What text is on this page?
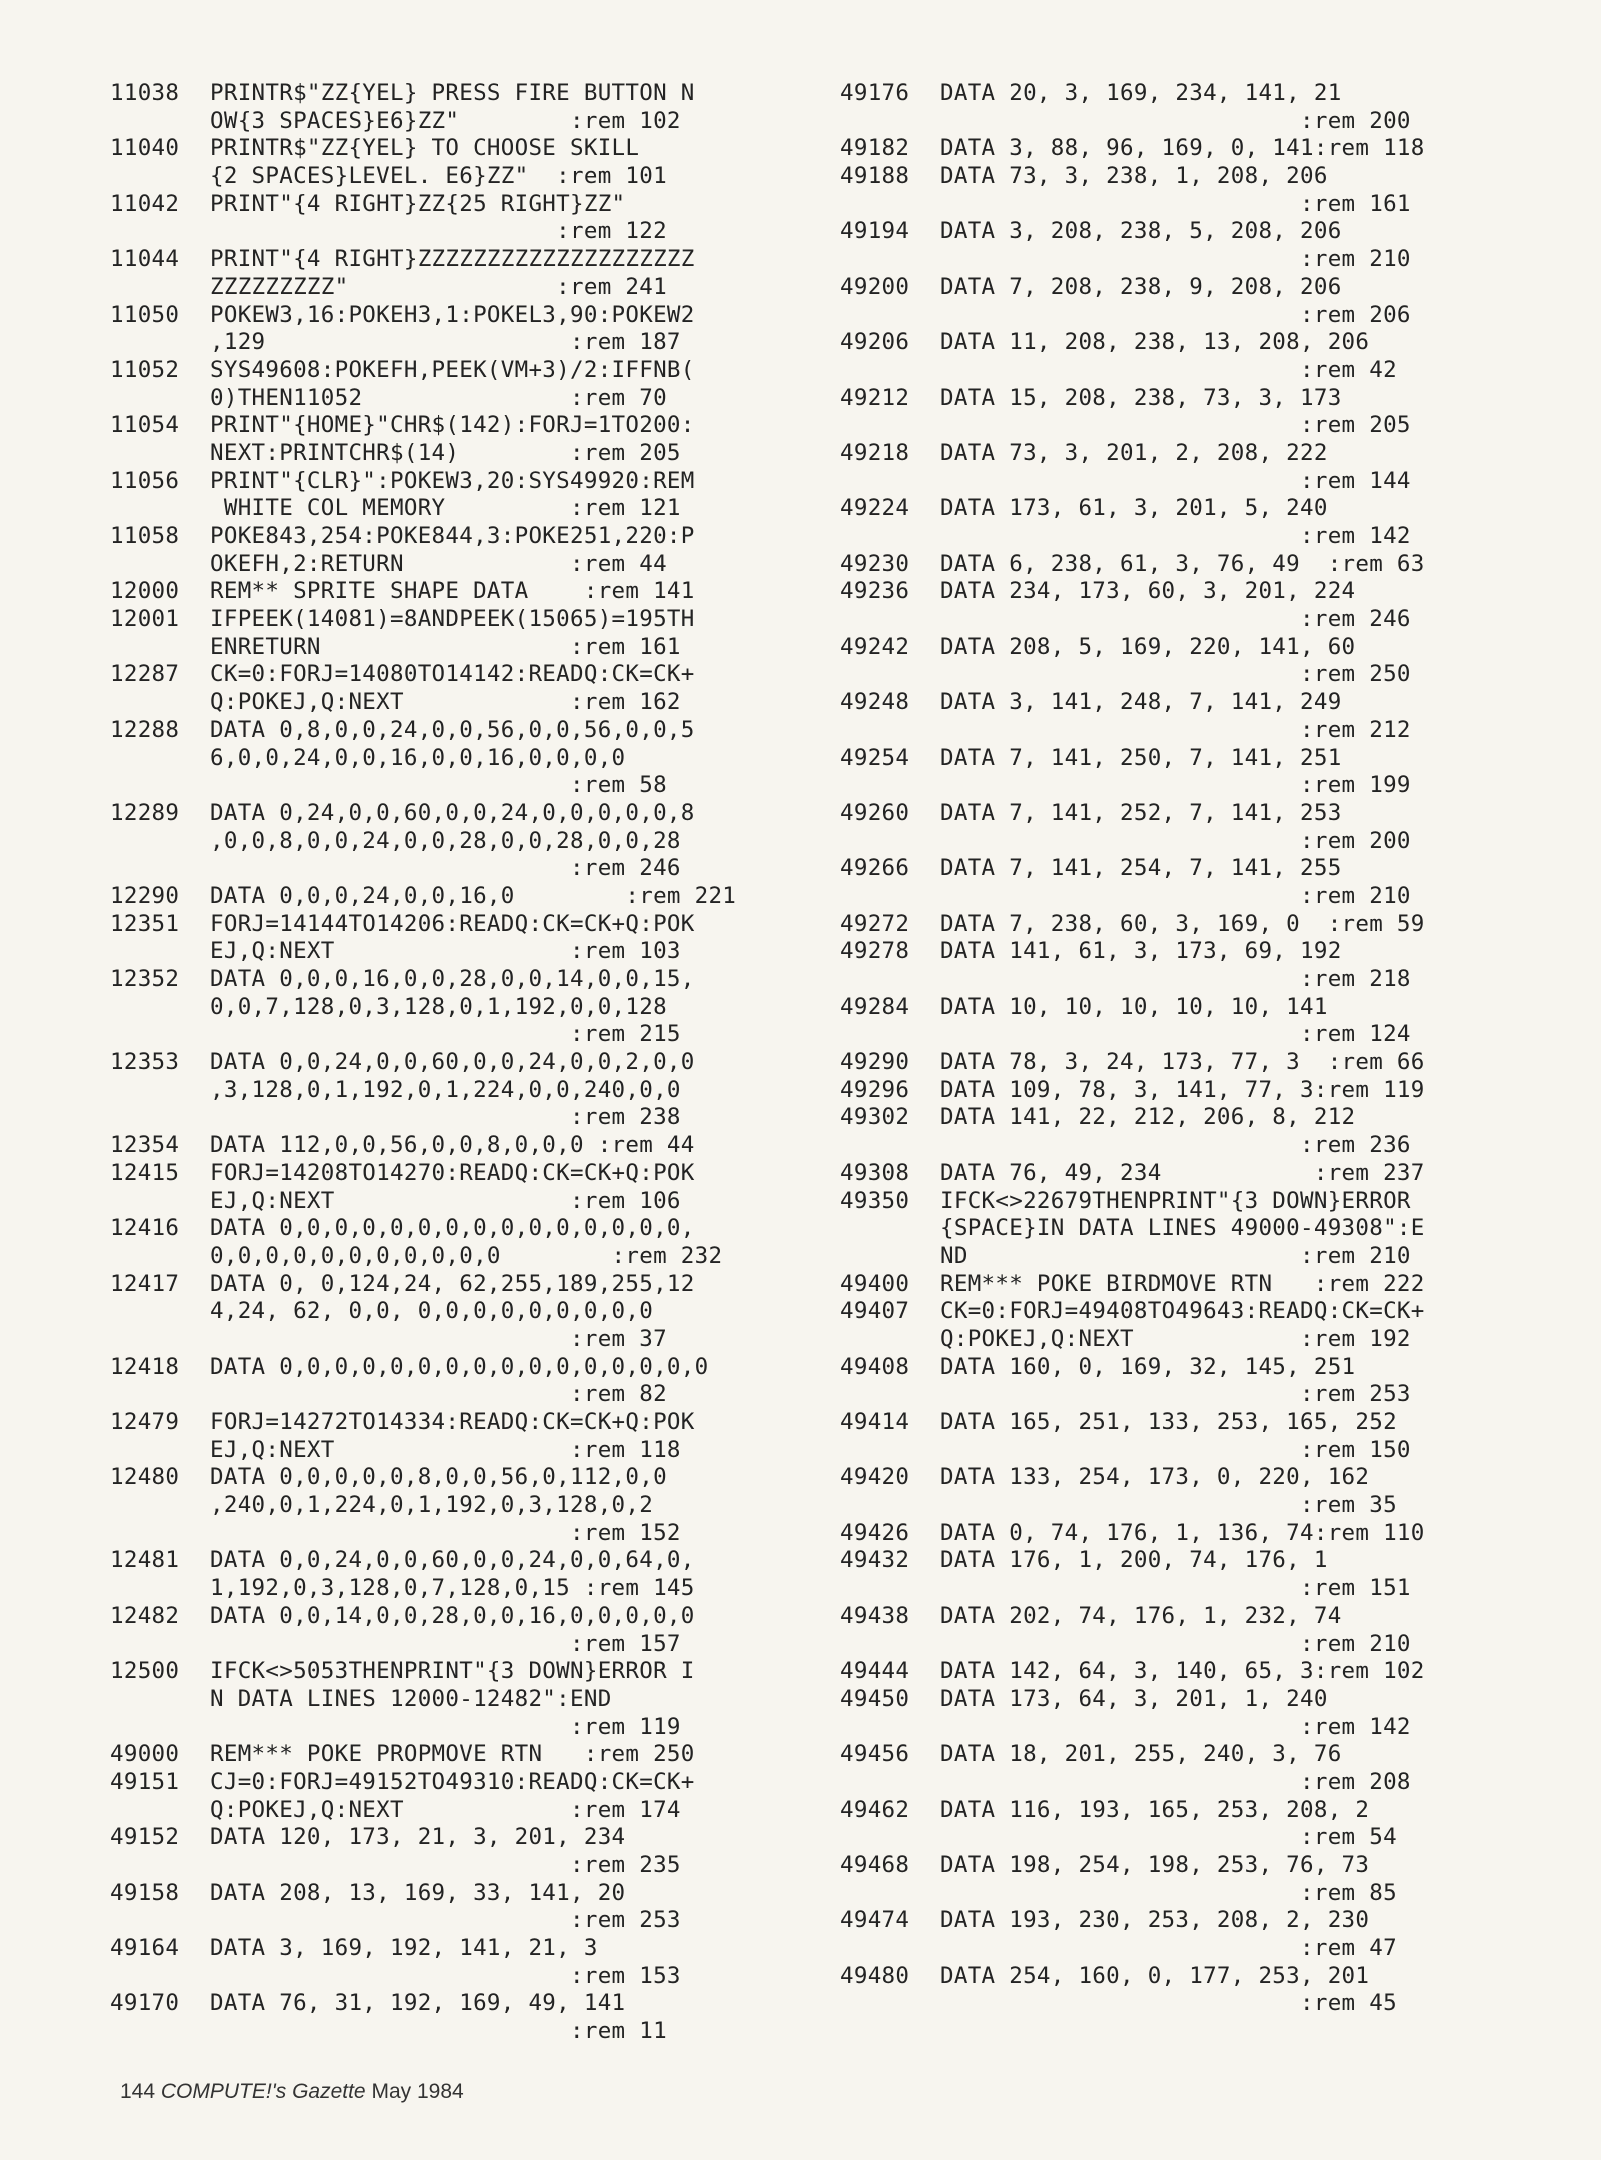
11038	PRINTR$"ZZ{YEL} PRESS FIRE BUTTON N
OW{3 SPACES}E6}ZZ"        :rem 102
11040	PRINTR$"ZZ{YEL} TO CHOOSE SKILL
{2 SPACES}LEVEL. E6}ZZ"  :rem 101
11042	PRINT"{4 RIGHT}ZZ{25 RIGHT}ZZ"
:rem 122
11044	PRINT"{4 RIGHT}ZZZZZZZZZZZZZZZZZZZZ
ZZZZZZZZZ"               :rem 241
11050	POKEW3,16:POKEH3,1:POKEL3,90:POKEW2
,129                      :rem 187
11052	SYS49608:POKEFH,PEEK(VM+3)/2:IFFNB(
0)THEN11052               :rem 70
11054	PRINT"{HOME}"CHR$(142):FORJ=1TO200:
NEXT:PRINTCHR$(14)        :rem 205
11056	PRINT"{CLR}":POKEW3,20:SYS49920:REM
WHITE COL MEMORY         :rem 121
11058	POKE843,254:POKE844,3:POKE251,220:P
OKEFH,2:RETURN            :rem 44
12000	REM** SPRITE SHAPE DATA    :rem 141
12001	IFPEEK(14081)=8ANDPEEK(15065)=195TH
ENRETURN                  :rem 161
12287	CK=0:FORJ=14080TO14142:READQ:CK=CK+
Q:POKEJ,Q:NEXT            :rem 162
12288	DATA 0,8,0,0,24,0,0,56,0,0,56,0,0,5
6,0,0,24,0,0,16,0,0,16,0,0,0,0
:rem 58
12289	DATA 0,24,0,0,60,0,0,24,0,0,0,0,0,8
,0,0,8,0,0,24,0,0,28,0,0,28,0,0,28
:rem 246
12290	DATA 0,0,0,24,0,0,16,0        :rem 221
12351	FORJ=14144TO14206:READQ:CK=CK+Q:POK
EJ,Q:NEXT                 :rem 103
12352	DATA 0,0,0,16,0,0,28,0,0,14,0,0,15,
0,0,7,128,0,3,128,0,1,192,0,0,128
:rem 215
12353	DATA 0,0,24,0,0,60,0,0,24,0,0,2,0,0
,3,128,0,1,192,0,1,224,0,0,240,0,0
:rem 238
12354	DATA 112,0,0,56,0,0,8,0,0,0 :rem 44
12415	FORJ=14208TO14270:READQ:CK=CK+Q:POK
EJ,Q:NEXT                 :rem 106
12416	DATA 0,0,0,0,0,0,0,0,0,0,0,0,0,0,0,
0,0,0,0,0,0,0,0,0,0,0        :rem 232
12417	DATA 0, 0,124,24, 62,255,189,255,12
4,24, 62, 0,0, 0,0,0,0,0,0,0,0,0
:rem 37
12418	DATA 0,0,0,0,0,0,0,0,0,0,0,0,0,0,0,0
:rem 82
12479	FORJ=14272TO14334:READQ:CK=CK+Q:POK
EJ,Q:NEXT                 :rem 118
12480	DATA 0,0,0,0,0,8,0,0,56,0,112,0,0
,240,0,1,224,0,1,192,0,3,128,0,2
:rem 152
12481	DATA 0,0,24,0,0,60,0,0,24,0,0,64,0,
1,192,0,3,128,0,7,128,0,15 :rem 145
12482	DATA 0,0,14,0,0,28,0,0,16,0,0,0,0,0
:rem 157
12500	IFCK<>5053THENPRINT"{3 DOWN}ERROR I
N DATA LINES 12000-12482":END
:rem 119
49000	REM*** POKE PROPMOVE RTN   :rem 250
49151	CJ=0:FORJ=49152TO49310:READQ:CK=CK+
Q:POKEJ,Q:NEXT            :rem 174
49152	DATA 120, 173, 21, 3, 201, 234
:rem 235
49158	DATA 208, 13, 169, 33, 141, 20
:rem 253
49164	DATA 3, 169, 192, 141, 21, 3
:rem 153
49170	DATA 76, 31, 192, 169, 49, 141
:rem 11
49176	DATA 20, 3, 169, 234, 141, 21
:rem 200
49182	DATA 3, 88, 96, 169, 0, 141:rem 118
49188	DATA 73, 3, 238, 1, 208, 206
:rem 161
49194	DATA 3, 208, 238, 5, 208, 206
:rem 210
49200	DATA 7, 208, 238, 9, 208, 206
:rem 206
49206	DATA 11, 208, 238, 13, 208, 206
:rem 42
49212	DATA 15, 208, 238, 73, 3, 173
:rem 205
49218	DATA 73, 3, 201, 2, 208, 222
:rem 144
49224	DATA 173, 61, 3, 201, 5, 240
:rem 142
49230	DATA 6, 238, 61, 3, 76, 49  :rem 63
49236	DATA 234, 173, 60, 3, 201, 224
:rem 246
49242	DATA 208, 5, 169, 220, 141, 60
:rem 250
49248	DATA 3, 141, 248, 7, 141, 249
:rem 212
49254	DATA 7, 141, 250, 7, 141, 251
:rem 199
49260	DATA 7, 141, 252, 7, 141, 253
:rem 200
49266	DATA 7, 141, 254, 7, 141, 255
:rem 210
49272	DATA 7, 238, 60, 3, 169, 0  :rem 59
49278	DATA 141, 61, 3, 173, 69, 192
:rem 218
49284	DATA 10, 10, 10, 10, 10, 141
:rem 124
49290	DATA 78, 3, 24, 173, 77, 3  :rem 66
49296	DATA 109, 78, 3, 141, 77, 3:rem 119
49302	DATA 141, 22, 212, 206, 8, 212
:rem 236
49308	DATA 76, 49, 234           :rem 237
49350	IFCK<>22679THENPRINT"{3 DOWN}ERROR
{SPACE}IN DATA LINES 49000-49308":E
ND                        :rem 210
49400	REM*** POKE BIRDMOVE RTN   :rem 222
49407	CK=0:FORJ=49408TO49643:READQ:CK=CK+
Q:POKEJ,Q:NEXT            :rem 192
49408	DATA 160, 0, 169, 32, 145, 251
:rem 253
49414	DATA 165, 251, 133, 253, 165, 252
:rem 150
49420	DATA 133, 254, 173, 0, 220, 162
:rem 35
49426	DATA 0, 74, 176, 1, 136, 74:rem 110
49432	DATA 176, 1, 200, 74, 176, 1
:rem 151
49438	DATA 202, 74, 176, 1, 232, 74
:rem 210
49444	DATA 142, 64, 3, 140, 65, 3:rem 102
49450	DATA 173, 64, 3, 201, 1, 240
:rem 142
49456	DATA 18, 201, 255, 240, 3, 76
:rem 208
49462	DATA 116, 193, 165, 253, 208, 2
:rem 54
49468	DATA 198, 254, 198, 253, 76, 73
:rem 85
49474	DATA 193, 230, 253, 208, 2, 230
:rem 47
49480	DATA 254, 160, 0, 177, 253, 201
:rem 45
144 COMPUTE!'s Gazette May 1984
